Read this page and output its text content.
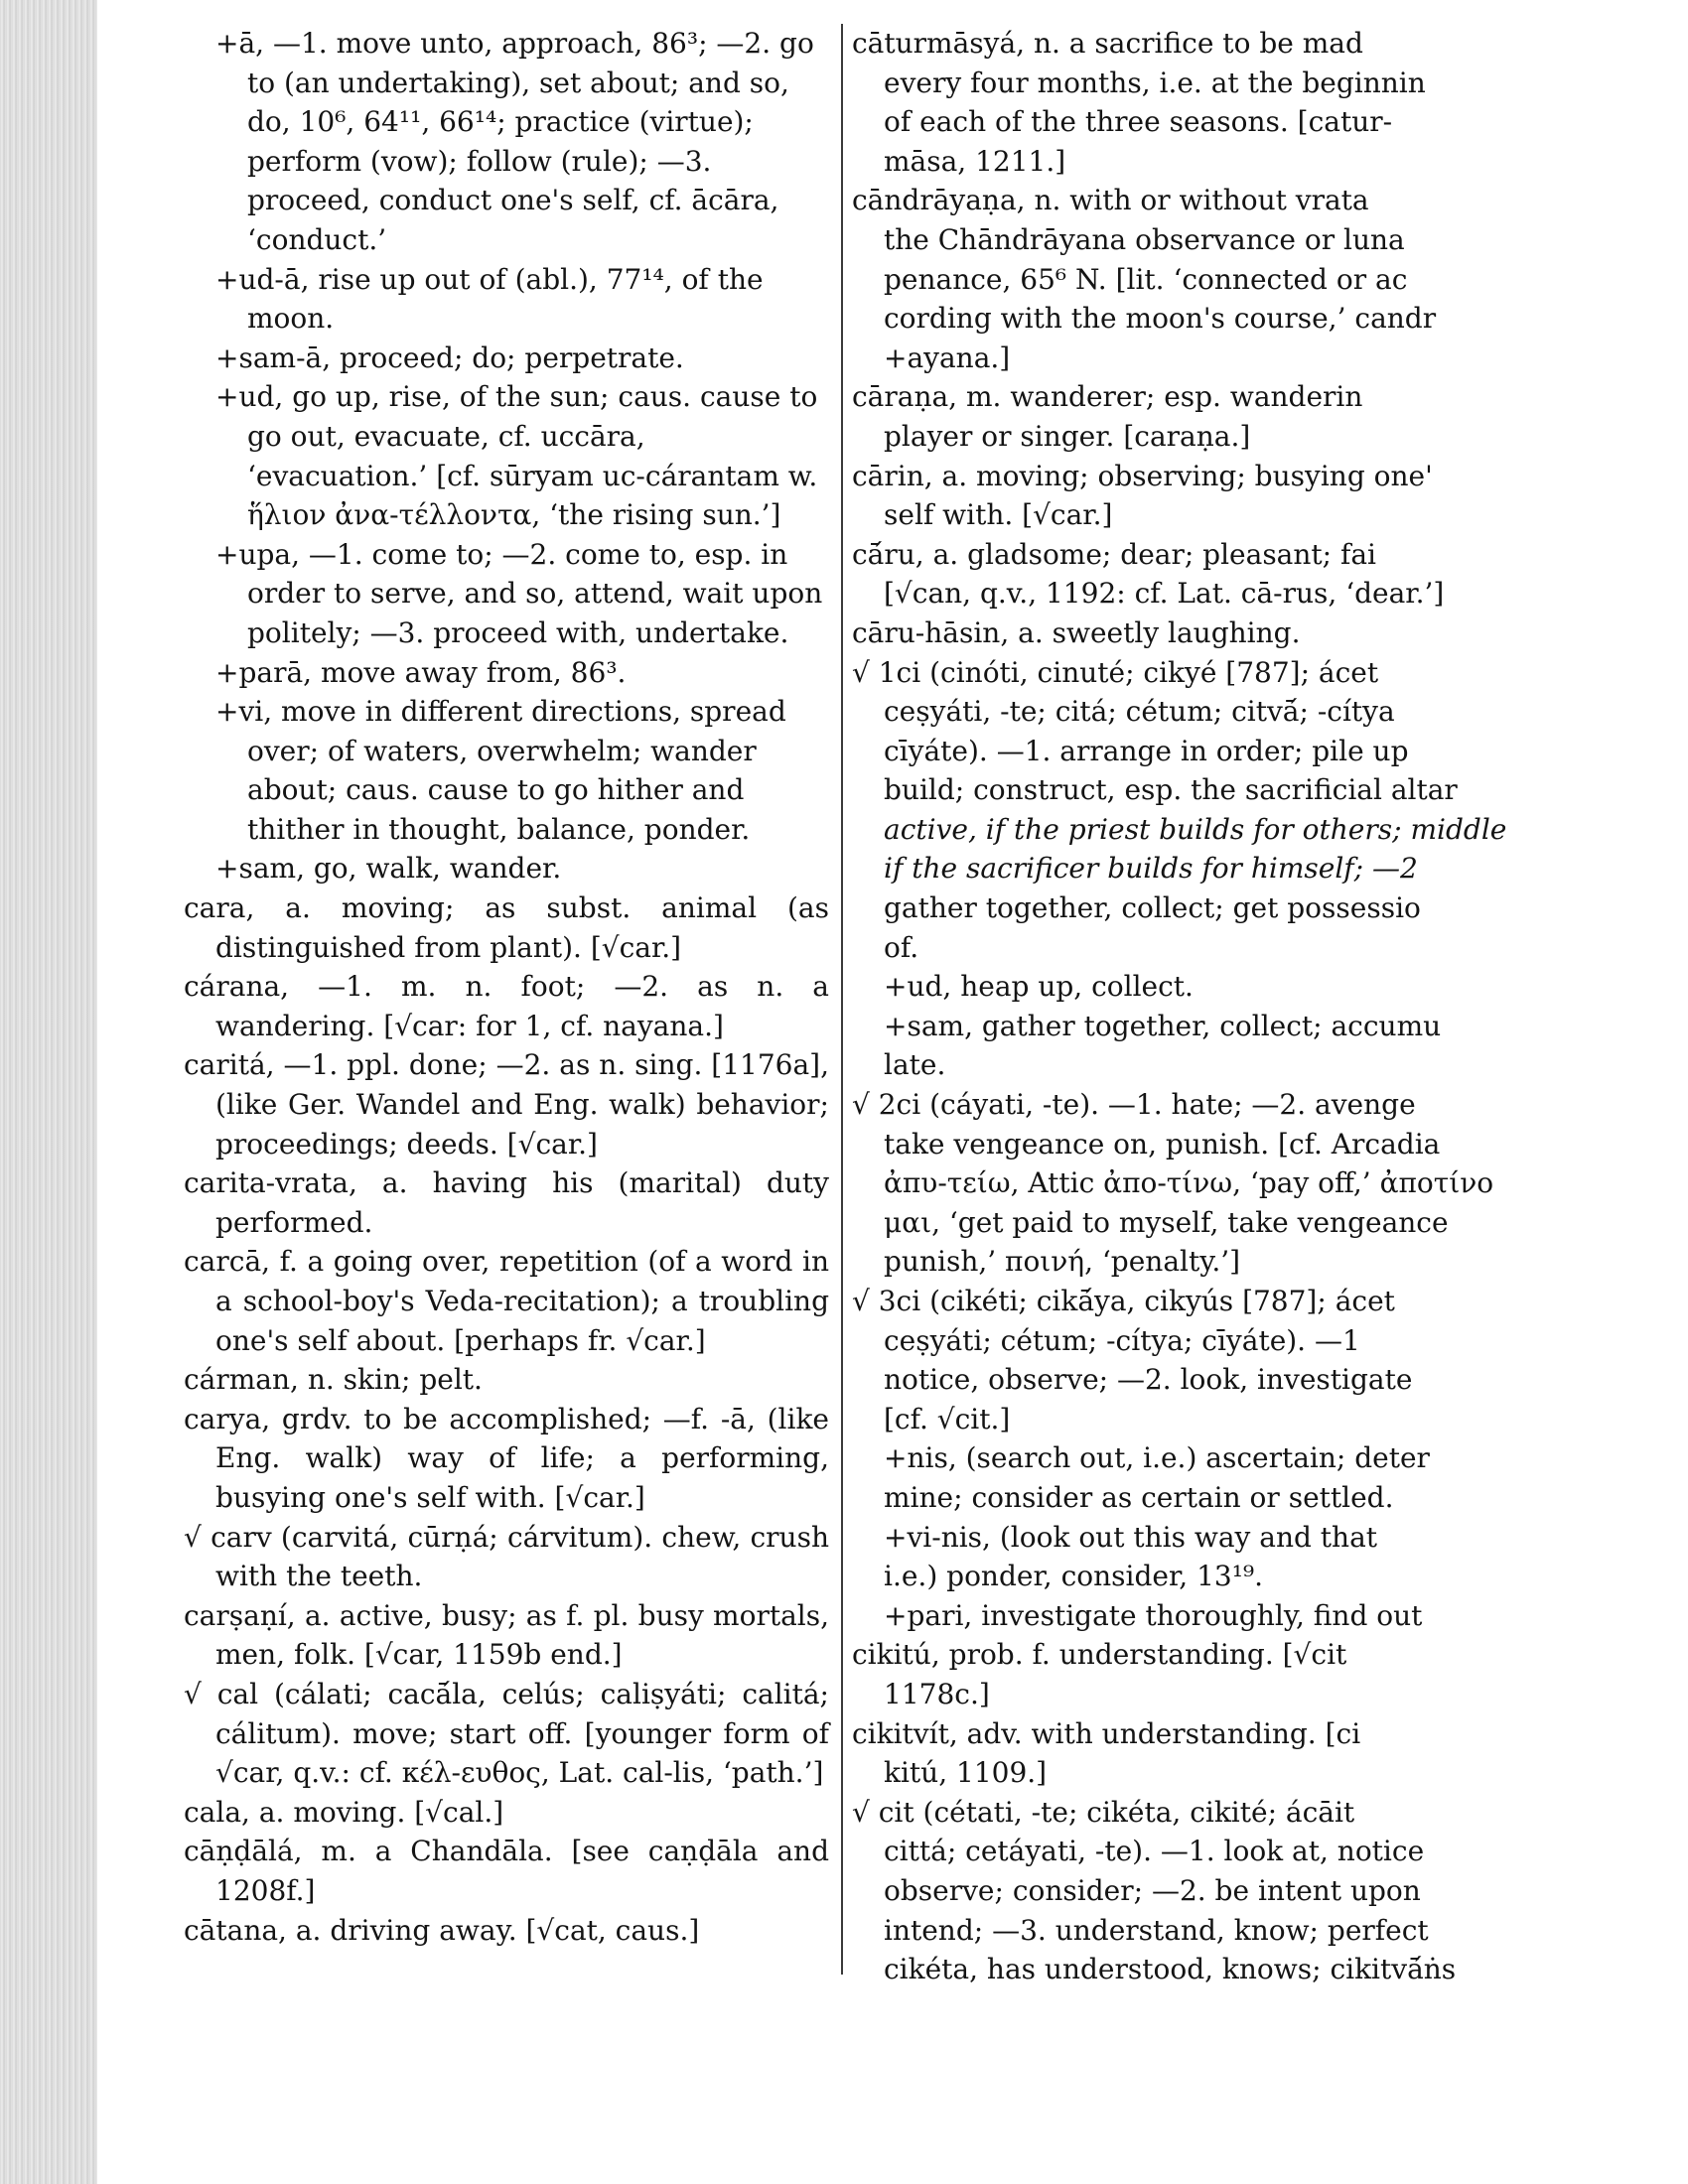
+ā, —1. move unto, approach, 86³; —2. go to (an undertaking), set about; and so, do, 10⁶, 64¹¹, 66¹⁴; practice (virtue); perform (vow); follow (rule); —3. proceed, conduct one's self, cf. ācāra, ‘conduct.’

+ud-ā, rise up out of (abl.), 77¹⁴, of the moon.

+sam-ā, proceed; do; perpetrate.

+ud, go up, rise, of the sun; caus. cause to go out, evacuate, cf. uccāra, ‘evacuation.’ [cf. sūryam uc-cárantam w. ἥλιον ἀνα-τέλλοντα, ‘the rising sun.’]

+upa, —1. come to; —2. come to, esp. in order to serve, and so, attend, wait upon politely; —3. proceed with, undertake.

+parā, move away from, 86³.

+vi, move in different directions, spread over; of waters, overwhelm; wander about; caus. cause to go hither and thither in thought, balance, ponder.

+sam, go, walk, wander.

cara, a. moving; as subst. animal (as distinguished from plant). [√car.]

cárana, —1. m. n. foot; —2. as n. a wandering. [√car: for 1, cf. nayana.]

caritá, —1. ppl. done; —2. as n. sing. [1176a], (like Ger. Wandel and Eng. walk) behavior; proceedings; deeds. [√car.]

carita-vrata, a. having his (marital) duty performed.

carcā, f. a going over, repetition (of a word in a school-boy's Veda-recitation); a troubling one's self about. [perhaps fr. √car.]

cárman, n. skin; pelt.

carya, grdv. to be accomplished; —f. -ā, (like Eng. walk) way of life; a performing, busying one's self with. [√car.]

√ carv (carvitá, cūrṇá; cárvitum). chew, crush with the teeth.

carṣaṇí, a. active, busy; as f. pl. busy mortals, men, folk. [√car, 1159b end.]

√ cal (cálati; cacā́la, celús; caliṣyáti; calitá; cálitum). move; start off. [younger form of √car, q.v.: cf. κέλ-ευθος, Lat. cal-lis, ‘path.’]

cala, a. moving. [√cal.]

cāṇḍālá, m. a Chandāla. [see caṇḍāla and 1208f.]

cātana, a. driving away. [√cat, caus.]

cāturmāsyá, n. a sacrifice to be mad
every four months, i.e. at the beginnin
of each of the three seasons. [catur-
māsa, 1211.]
cāndrāyaṇa, n. with or without vrata
the Chāndrāyana observance or luna
penance, 65⁶ N. [lit. ‘connected or ac
cording with the moon's course,’ candr
+ayana.]
cāraṇa, m. wanderer; esp. wanderin
player or singer. [caraṇa.]
cārin, a. moving; observing; busying one'
self with. [√car.]
cā́ru, a. gladsome; dear; pleasant; fai
[√can, q.v., 1192: cf. Lat. cā-rus, ‘dear.’]
cāru-hāsin, a. sweetly laughing.
√ 1ci (cinóti, cinuté; cikyé [787]; ácet
ceṣyáti, -te; citá; cétum; citvā́; -cítya
cīyáte). —1. arrange in order; pile up
build; construct, esp. the sacrificial altar
active, if the priest builds for others; middle
if the sacrificer builds for himself; —2
gather together, collect; get possessio
of.
+ud, heap up, collect.
+sam, gather together, collect; accumu
late.
√ 2ci (cáyati, -te). —1. hate; —2. avenge
take vengeance on, punish. [cf. Arcadia
ἀπυ-τείω, Attic ἀπο-τίνω, ‘pay off,’ ἀποτίνο
μαι, ‘get paid to myself, take vengeance
punish,’ ποινή, ‘penalty.’]
√ 3ci (cikéti; cikā́ya, cikyús [787]; ácet
ceṣyáti; cétum; -cítya; cīyáte). —1
notice, observe; —2. look, investigate
[cf. √cit.]
+nis, (search out, i.e.) ascertain; deter
mine; consider as certain or settled.
+vi-nis, (look out this way and that
i.e.) ponder, consider, 13¹⁹.
+pari, investigate thoroughly, find out
cikitú, prob. f. understanding. [√cit
1178c.]
cikitvít, adv. with understanding. [ci
kitú, 1109.]
√ cit (cétati, -te; cikéta, cikité; ácāit
cittá; cetáyati, -te). —1. look at, notice
observe; consider; —2. be intent upon
intend; —3. understand, know; perfect
cikéta, has understood, knows; cikitvā́ṅs
